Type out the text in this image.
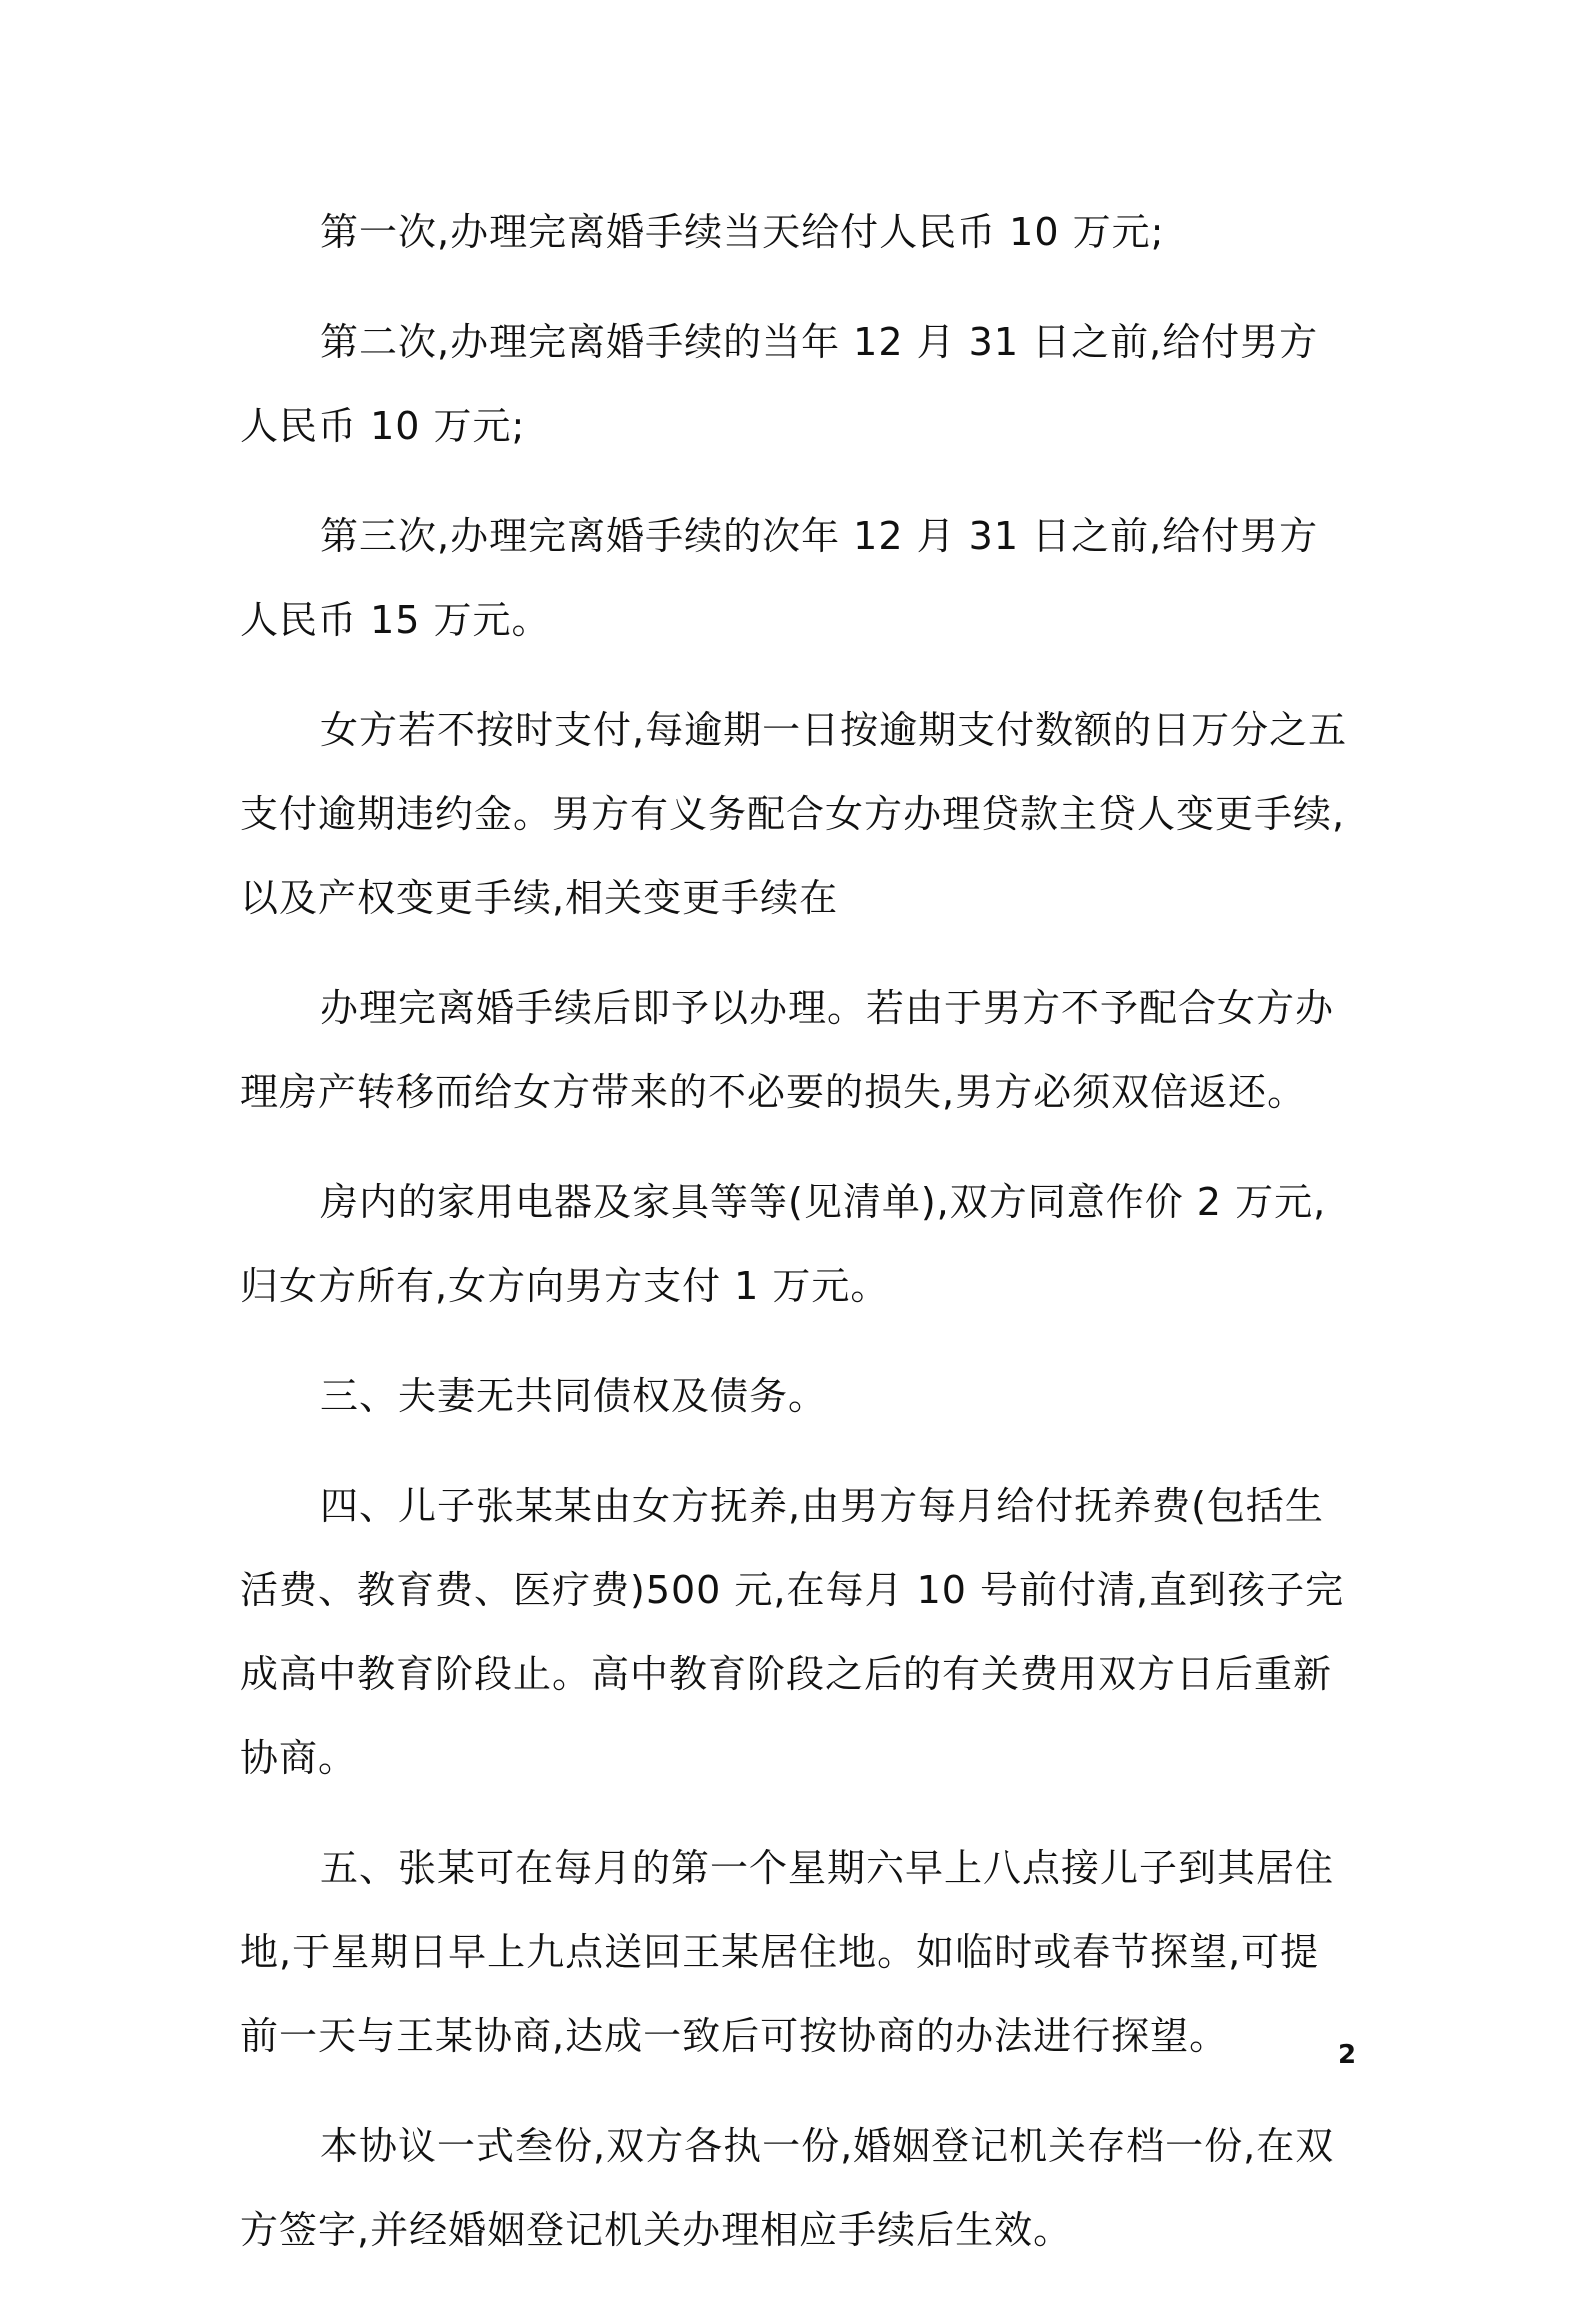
第一次,办理完离婚手续当天给付人民币 10 万元;

第二次,办理完离婚手续的当年 12 月 31 日之前,给付男方人民币 10 万元;

第三次,办理完离婚手续的次年 12 月 31 日之前,给付男方人民币 15 万元。

女方若不按时支付,每逾期一日按逾期支付数额的日万分之五支付逾期违约金。男方有义务配合女方办理贷款主贷人变更手续,以及产权变更手续,相关变更手续在

办理完离婚手续后即予以办理。若由于男方不予配合女方办理房产转移而给女方带来的不必要的损失,男方必须双倍返还。

房内的家用电器及家具等等(见清单),双方同意作价 2 万元,归女方所有,女方向男方支付 1 万元。

三、夫妻无共同债权及债务。

四、儿子张某某由女方抚养,由男方每月给付抚养费(包括生活费、教育费、医疗费)500 元,在每月 10 号前付清,直到孩子完成高中教育阶段止。高中教育阶段之后的有关费用双方日后重新协商。

五、张某可在每月的第一个星期六早上八点接儿子到其居住地,于星期日早上九点送回王某居住地。如临时或春节探望,可提前一天与王某协商,达成一致后可按协商的办法进行探望。

本协议一式叁份,双方各执一份,婚姻登记机关存档一份,在双方签字,并经婚姻登记机关办理相应手续后生效。

2
